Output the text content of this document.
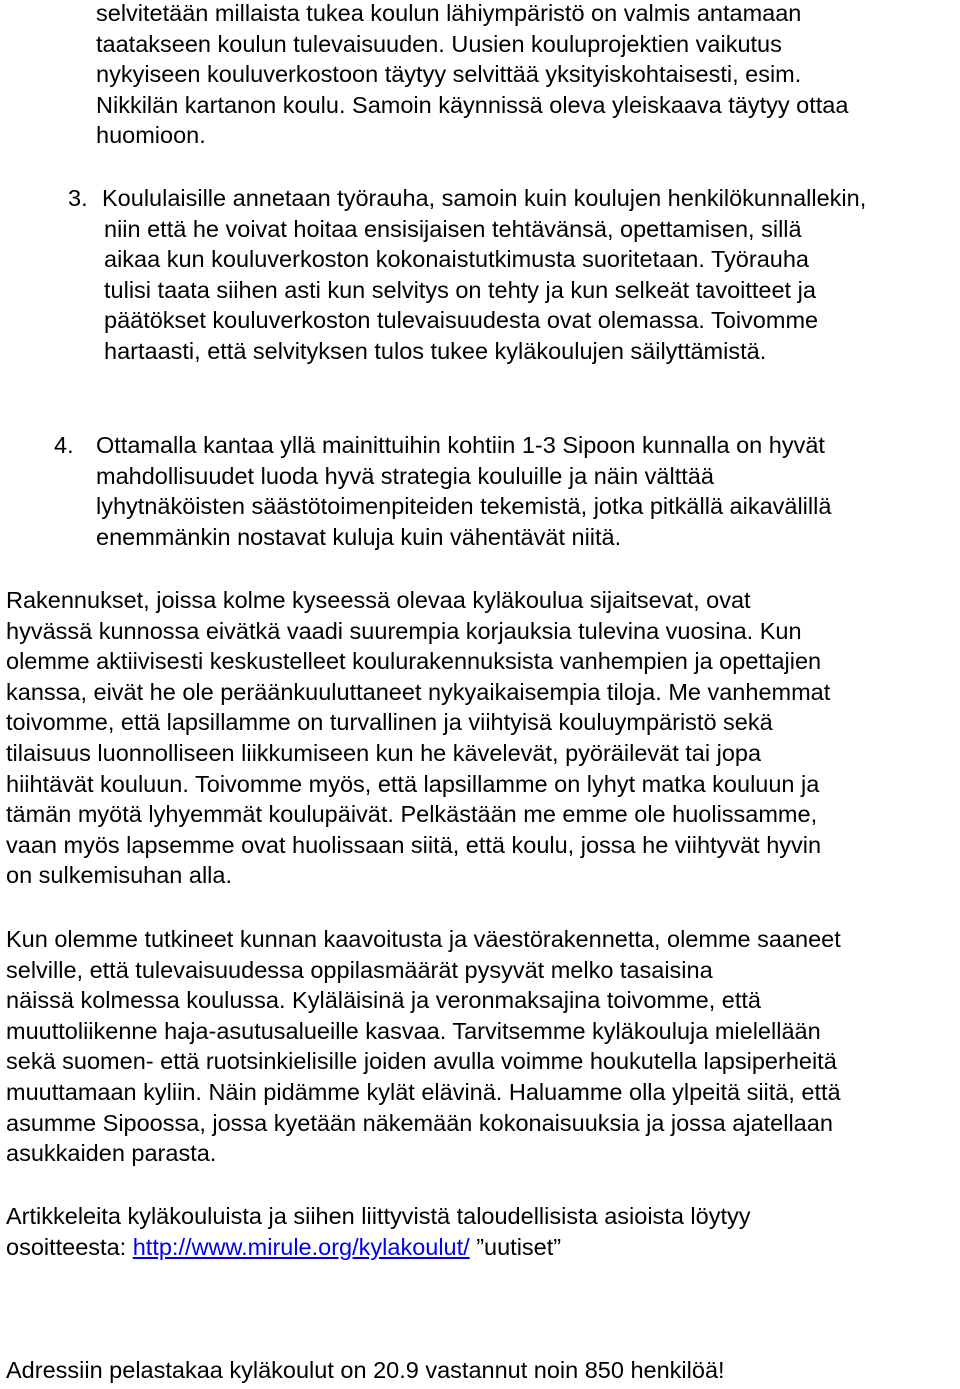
selvitetään millaista tukea koulun lähiympäristö on valmis antamaan
taatakseen koulun tulevaisuuden. Uusien kouluprojektien vaikutus
nykyiseen kouluverkostoon täytyy selvittää yksityiskohtaisesti, esim.
Nikkilän kartanon koulu. Samoin käynnissä oleva yleiskaava täytyy ottaa
huomioon.
3. Koululaisille annetaan työrauha, samoin kuin koulujen henkilökunnallekin,
niin että he voivat hoitaa ensisijaisen tehtävänsä, opettamisen, sillä
aikaa kun kouluverkoston kokonaistutkimusta suoritetaan. Työrauha
tulisi taata siihen asti kun selvitys on tehty ja kun selkeät tavoitteet ja
päätökset kouluverkoston tulevaisuudesta ovat olemassa. Toivomme
hartaasti, että selvityksen tulos tukee kyläkoulujen säilyttämistä.
4. Ottamalla kantaa yllä mainittuihin kohtiin 1-3 Sipoon kunnalla on hyvät
mahdollisuudet luoda hyvä strategia kouluille ja näin välttää
lyhytnäköisten säästötoimenpiteiden tekemistä, jotka pitkällä aikavälillä
enemmänkin nostavat kuluja kuin vähentävät niitä.
Rakennukset, joissa kolme kyseessä olevaa kyläkoulua sijaitsevat, ovat
hyvässä kunnossa eivätkä vaadi suurempia korjauksia tulevina vuosina. Kun
olemme aktiivisesti keskustelleet koulurakennuksista vanhempien ja opettajien
kanssa, eivät he ole peräänkuuluttaneet nykyaikaisempia tiloja. Me vanhemmat
toivomme, että lapsillamme on turvallinen ja viihtyisä kouluympäristö sekä
tilaisuus luonnolliseen liikkumiseen kun he kävelevät, pyöräilevät tai jopa
hiihtävät kouluun. Toivomme myös, että lapsillamme on lyhyt matka kouluun ja
tämän myötä lyhyemmät koulupäivät. Pelkästään me emme ole huolissamme,
vaan myös lapsemme ovat huolissaan siitä, että koulu, jossa he viihtyvät hyvin
on sulkemisuhan alla.
Kun olemme tutkineet kunnan kaavoitusta ja väestörakennetta, olemme saaneet
selville, että tulevaisuudessa oppilasmäärät pysyvät melko tasaisina
näissä kolmessa koulussa. Kyläläisinä ja veronmaksajina toivomme, että
muuttoliikenne haja-asutusalueille kasvaa. Tarvitsemme kyläkouluja mielellään
sekä suomen- että ruotsinkielisille joiden avulla voimme houkutella lapsiperheitä
muuttamaan kyliin. Näin pidämme kylät elävinä. Haluamme olla ylpeitä siitä, että
asumme Sipoossa, jossa kyetään näkemään kokonaisuuksia ja jossa ajatellaan
asukkaiden parasta.
Artikkeleita kyläkouluista ja siihen liittyvistä taloudellisista asioista löytyy
osoitteesta: http://www.mirule.org/kylakoulut/ ”uutiset”
Adressiin pelastakaa kyläkoulut on 20.9 vastannut noin 850 henkilöä!
